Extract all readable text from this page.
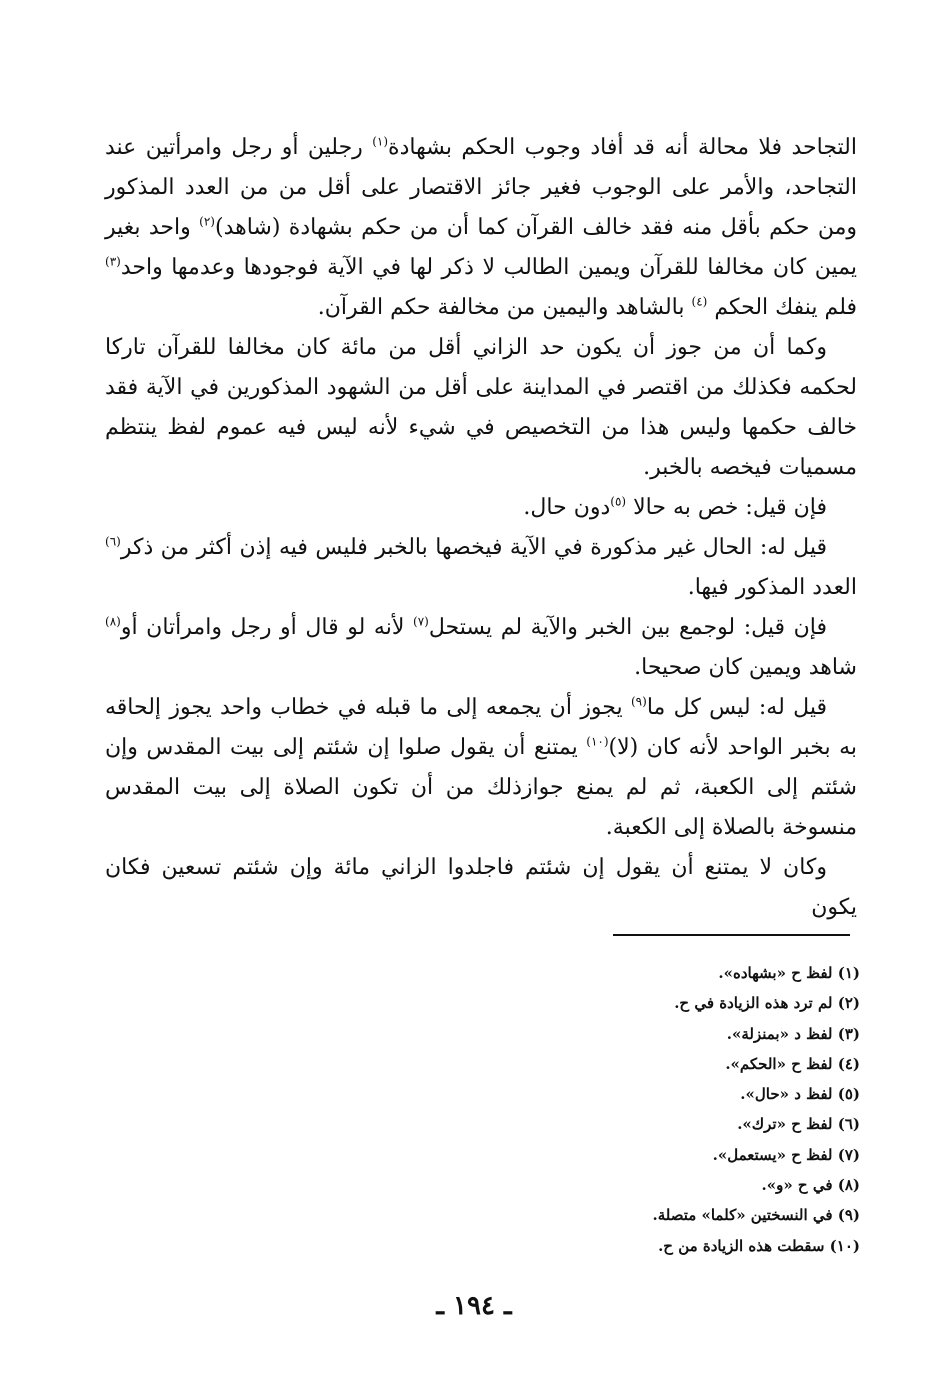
التجاحد فلا محالة أنه قد أفاد وجوب الحكم بشهادة$^{(١)}$ رجلين أو رجل وامرأتين عند التجاحد، والأمر على الوجوب فغير جائز الاقتصار على أقل من من العدد المذكور ومن حكم بأقل منه فقد خالف القرآن كما أن من حكم بشهادة (شاهد)$^{(٢)}$ واحد بغير يمين كان مخالفا للقرآن ويمين الطالب لا ذكر لها في الآية فوجودها وعدمها واحد$^{(٣)}$ فلم ينفك الحكم $^{(٤)}$ بالشاهد واليمين من مخالفة حكم القرآن.

وكما أن من جوز أن يكون حد الزاني أقل من مائة كان مخالفا للقرآن تاركا لحكمه فكذلك من اقتصر في المداينة على أقل من الشهود المذكورين في الآية فقد خالف حكمها وليس هذا من التخصيص في شيء لأنه ليس فيه عموم لفظ ينتظم مسميات فيخصه بالخبر.

فإن قيل: خص به حالا $^{(٥)}$دون حال.

قيل له: الحال غير مذكورة في الآية فيخصها بالخبر فليس فيه إذن أكثر من ذكر$^{(٦)}$ العدد المذكور فيها.

فإن قيل: لوجمع بين الخبر والآية لم يستحل$^{(٧)}$ لأنه لو قال أو رجل وامرأتان أو$^{(٨)}$ شاهد ويمين كان صحيحا.

قيل له: ليس كل ما$^{(٩)}$ يجوز أن يجمعه إلى ما قبله في خطاب واحد يجوز إلحاقه به بخبر الواحد لأنه كان (لا)$^{(١٠)}$ يمتنع أن يقول صلوا إن شئتم إلى بيت المقدس وإن شئتم إلى الكعبة، ثم لم يمنع جوازذلك من أن تكون الصلاة إلى بيت المقدس منسوخة بالصلاة إلى الكعبة.

وكان لا يمتنع أن يقول إن شئتم فاجلدوا الزاني مائة وإن شئتم تسعين فكان يكون

(١) لفظ ح «بشهاده».
(٢) لم ترد هذه الزيادة في ح.
(٣) لفظ د «بمنزلة».
(٤) لفظ ح «الحكم».
(٥) لفظ د «حال».
(٦) لفظ ح «ترك».
(٧) لفظ ح «يستعمل».
(٨) في ح «و».
(٩) في النسختين «كلما» متصلة.
(١٠) سقطت هذه الزيادة من ح.
ـ ١٩٤ ـ
